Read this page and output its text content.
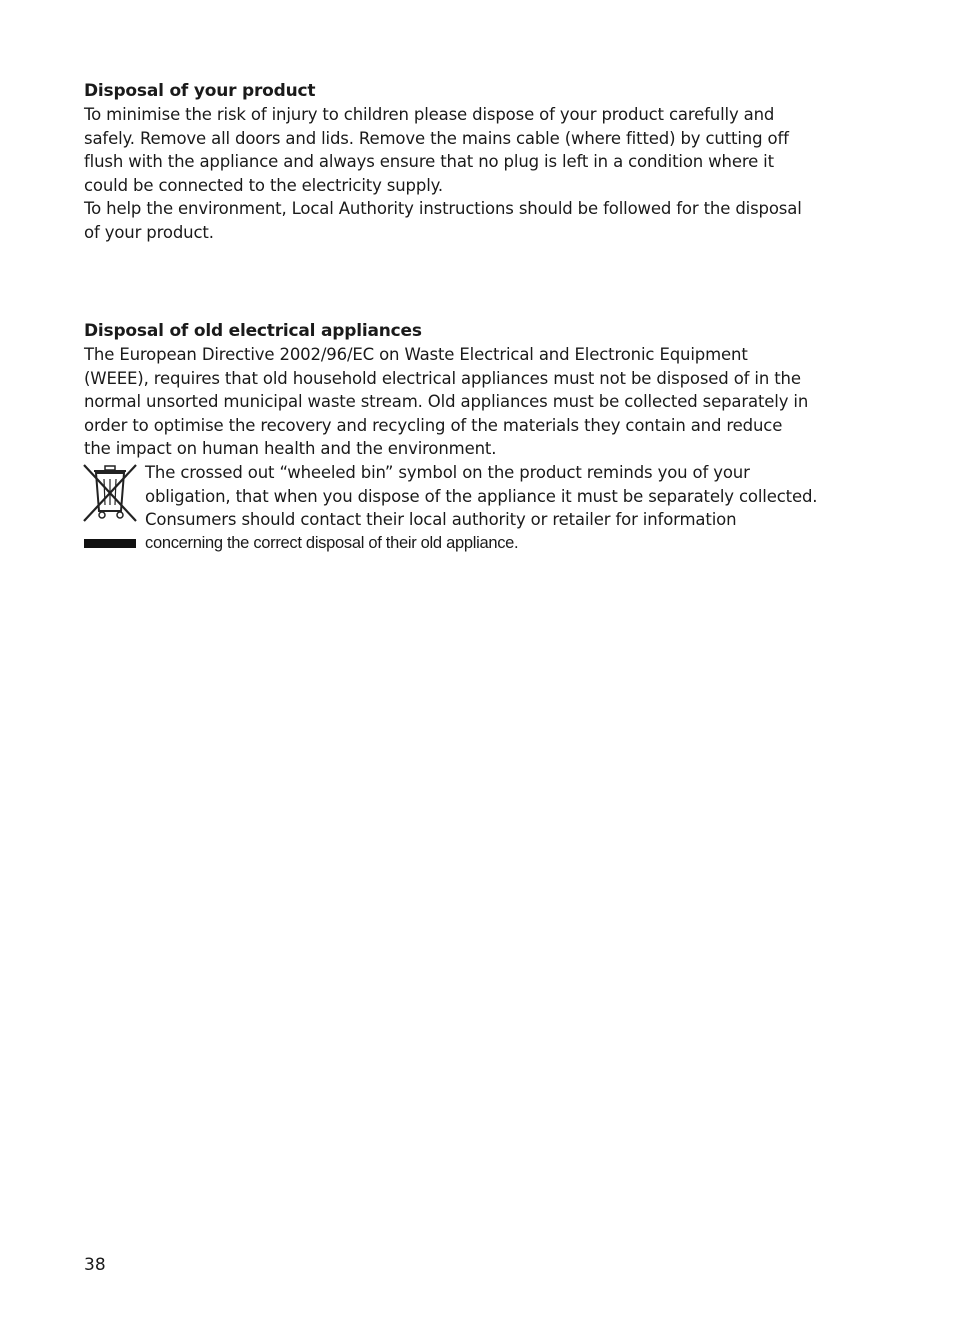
Disposal of your product

To minimise the risk of injury to children please dispose of your product carefully and
safely. Remove all doors and lids. Remove the mains cable (where fitted) by cutting off
flush with the appliance and always ensure that no plug is left in a condition where it
could be connected to the electricity supply.
To help the environment, Local Authority instructions should be followed for the disposal
of your product.

Disposal of old electrical appliances

The European Directive 2002/96/EC on Waste Electrical and Electronic Equipment
(WEEE), requires that old household electrical appliances must not be disposed of in the
normal unsorted municipal waste stream. Old appliances must be collected separately in
order to optimise the recovery and recycling of the materials they contain and reduce
the impact on human health and the environment.

The crossed out “wheeled bin” symbol on the product reminds you of your
obligation, that when you dispose of the appliance it must be separately collected.
Consumers should contact their local authority or retailer for information
concerning the correct disposal of their old appliance.

38
